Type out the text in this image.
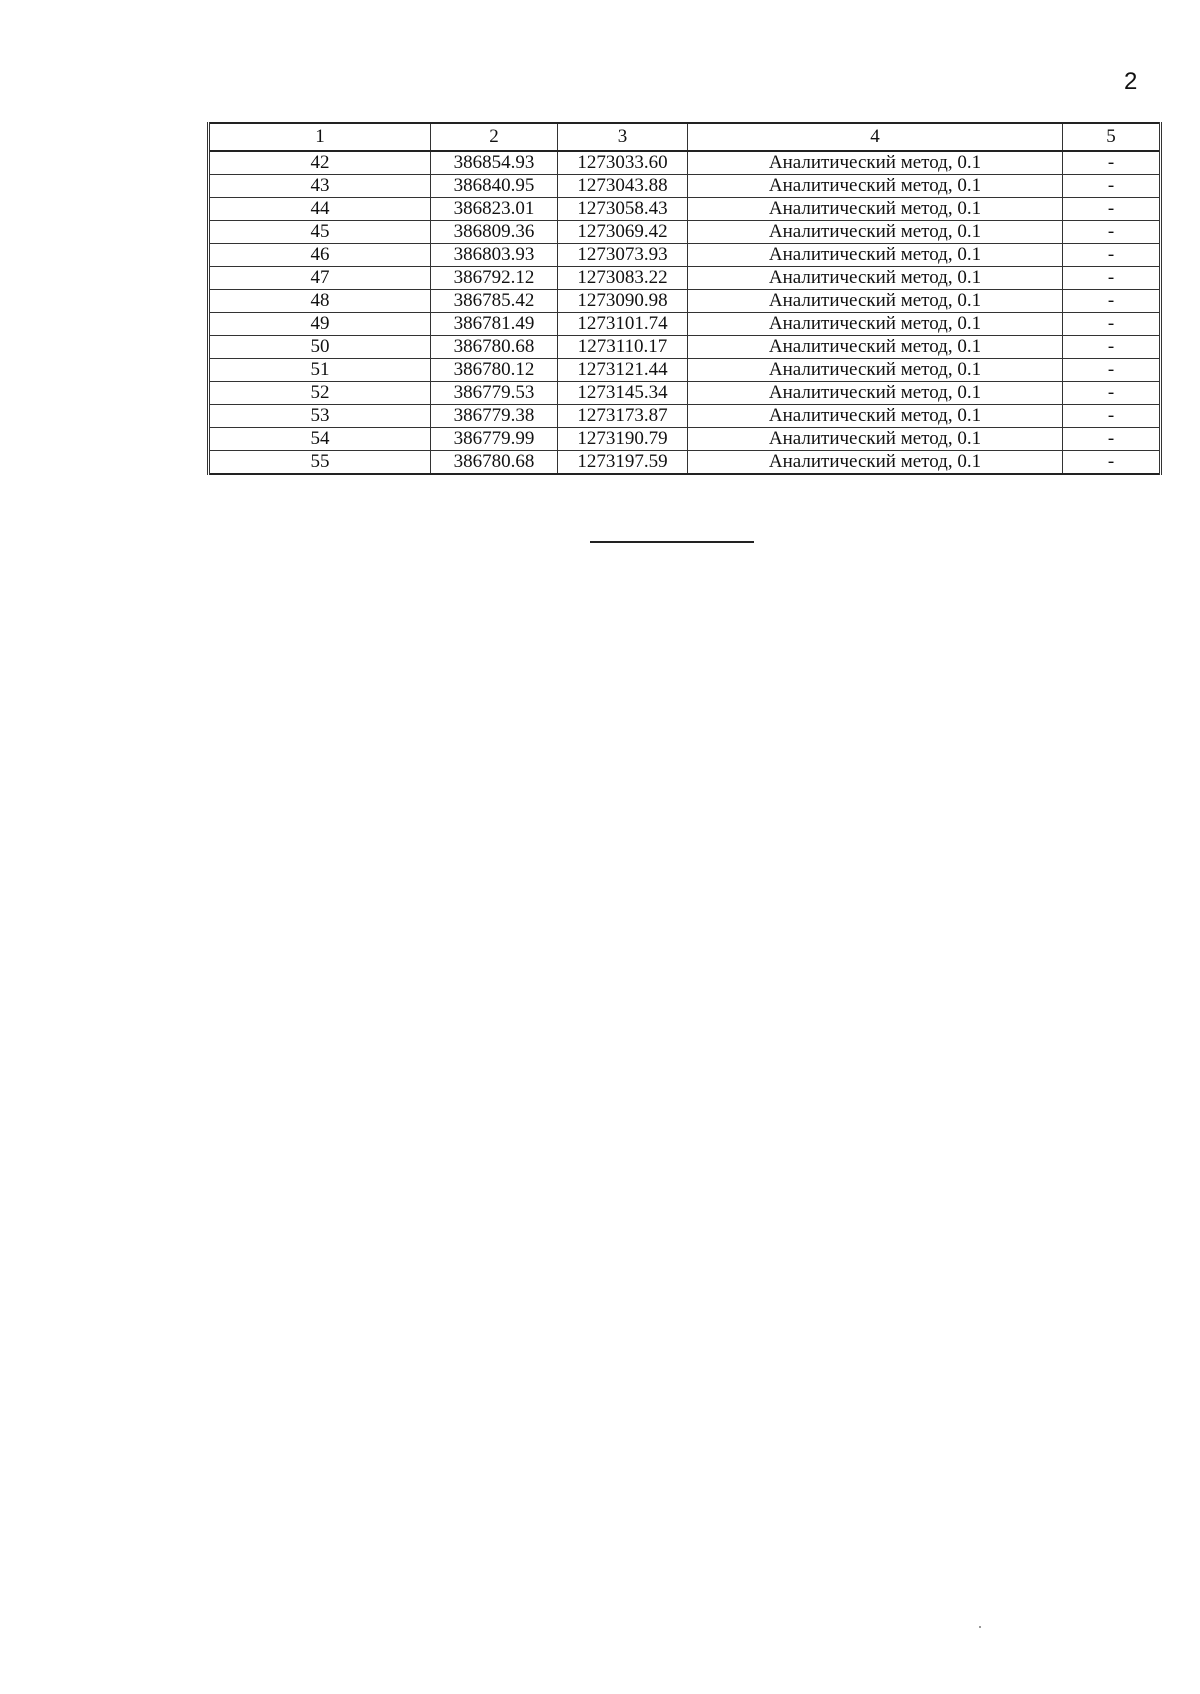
2
1	2	3	4	5
42	386854.93	1273033.60	Аналитический метод, 0.1	-
43	386840.95	1273043.88	Аналитический метод, 0.1	-
44	386823.01	1273058.43	Аналитический метод, 0.1	-
45	386809.36	1273069.42	Аналитический метод, 0.1	-
46	386803.93	1273073.93	Аналитический метод, 0.1	-
47	386792.12	1273083.22	Аналитический метод, 0.1	-
48	386785.42	1273090.98	Аналитический метод, 0.1	-
49	386781.49	1273101.74	Аналитический метод, 0.1	-
50	386780.68	1273110.17	Аналитический метод, 0.1	-
51	386780.12	1273121.44	Аналитический метод, 0.1	-
52	386779.53	1273145.34	Аналитический метод, 0.1	-
53	386779.38	1273173.87	Аналитический метод, 0.1	-
54	386779.99	1273190.79	Аналитический метод, 0.1	-
55	386780.68	1273197.59	Аналитический метод, 0.1	-
